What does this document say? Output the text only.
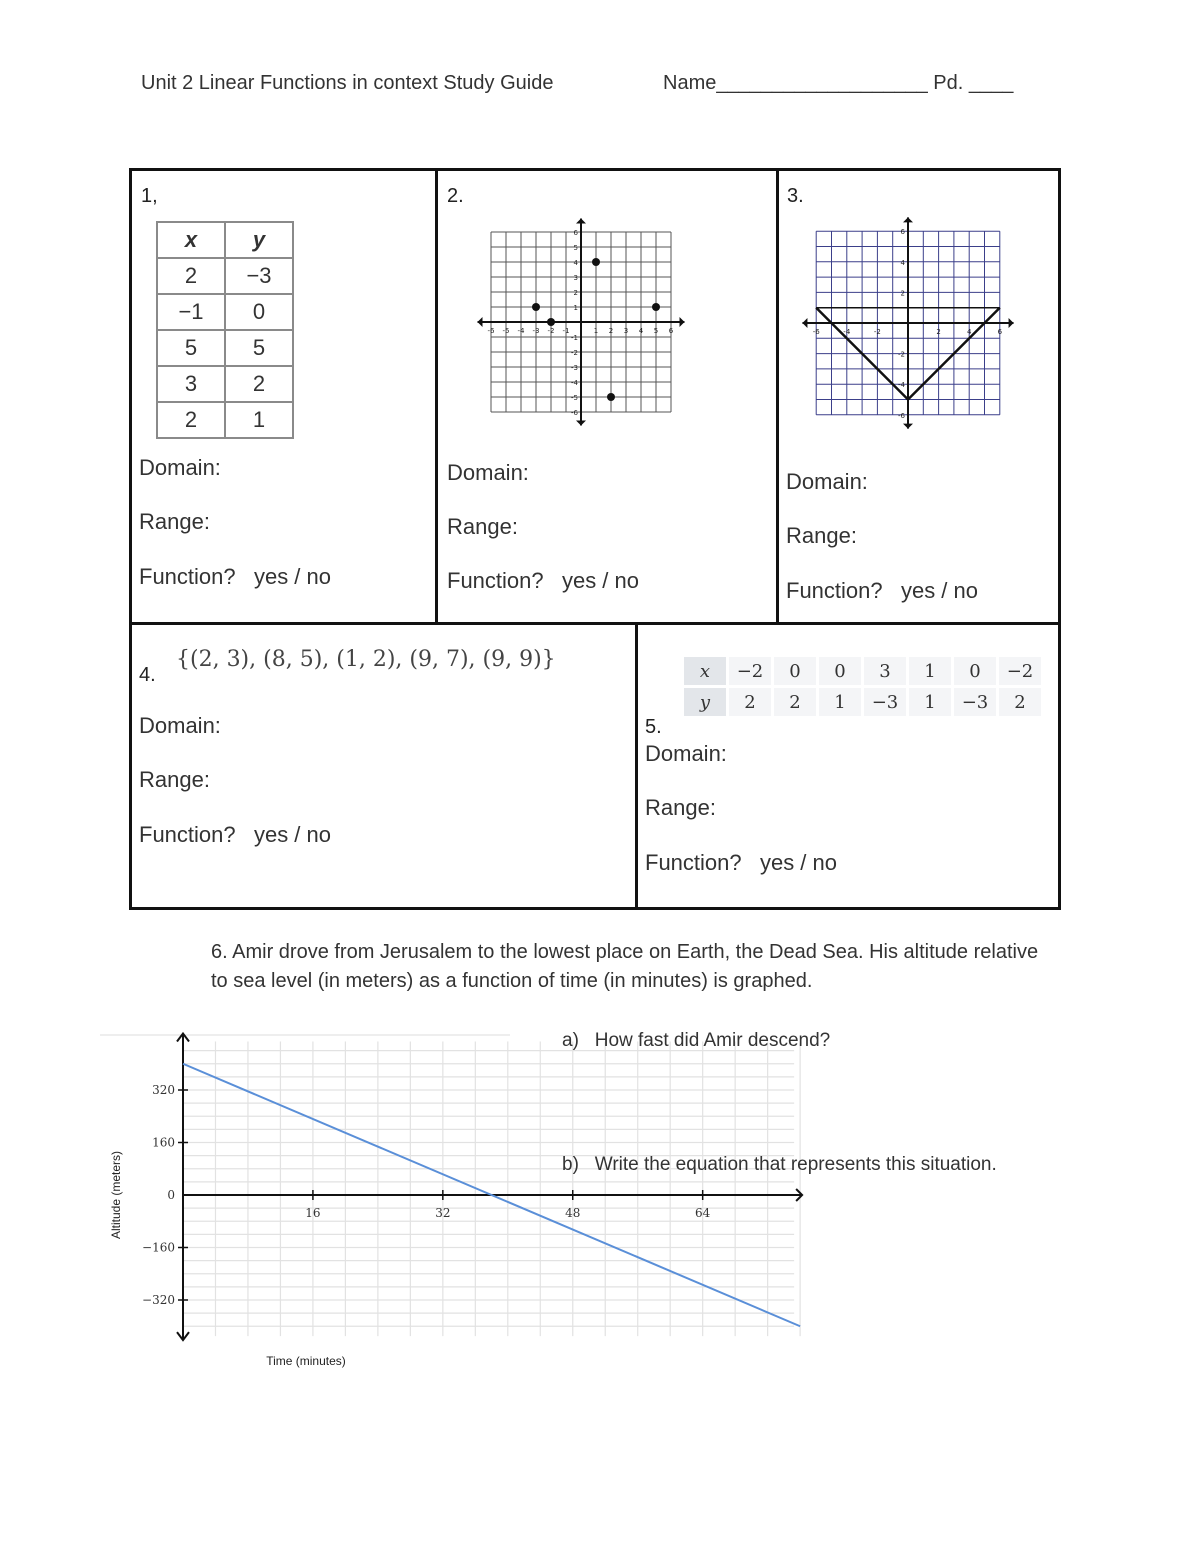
Unit 2 Linear Functions in context Study Guide	Name___________________ Pd. ____
1,
x	y
2	−3
−1	0
5	5
3	2
2	1
Domain:
Range:
Function?   yes / no
2.
-6 -5 -4 -3 -2 -1	1 2 3 4 5 6
-6
-5
-4
-3
-2
-1
1
2
3
4
5
6
Domain:
Range:
Function?   yes / no
3.
-6	-4	-2	2	4	6
-6
-4
-2
2
4
6
Domain:
Range:
Function?   yes / no
4.
{(2, 3), (8, 5), (1, 2), (9, 7), (9, 9)}
Domain:
Range:
Function?   yes / no
x	−2	0	0	3	1	0	−2
y	2	2	1	−3	1	−3	2
5.
Domain:
Range:
Function?   yes / no
6. Amir drove from Jerusalem to the lowest place on Earth, the Dead Sea. His altitude relative to sea level (in meters) as a function of time (in minutes) is graphed.
16	32	48	64
320
160
0
−160
−320
Time (minutes)
Altitude (meters)
a)   How fast did Amir descend?
b)   Write the equation that represents this situation.
